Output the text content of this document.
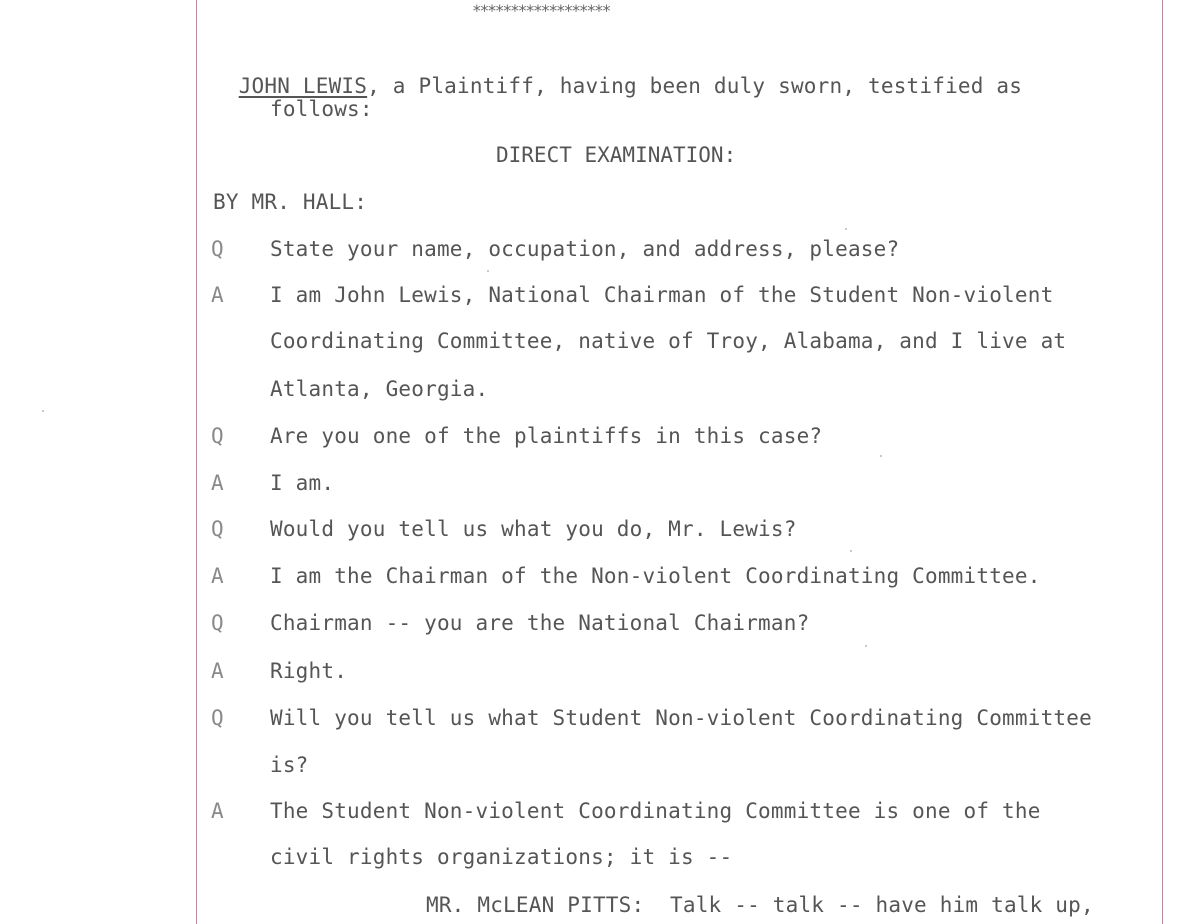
******************

JOHN LEWIS, a Plaintiff, having been duly sworn, testified as

follows:
DIRECT EXAMINATION:
BY MR. HALL:
Q State your name, occupation, and address, please?
A I am John Lewis, National Chairman of the Student Non-violent
Coordinating Committee, native of Troy, Alabama, and I live at
Atlanta, Georgia.
Q Are you one of the plaintiffs in this case?
A I am.
Q Would you tell us what you do, Mr. Lewis?
A I am the Chairman of the Non-violent Coordinating Committee.
Q Chairman -- you are the National Chairman?
A Right.
Q Will you tell us what Student Non-violent Coordinating Committee
is?
A The Student Non-violent Coordinating Committee is one of the
civil rights organizations; it is --
MR. McLEAN PITTS:  Talk -- talk -- have him talk up,
